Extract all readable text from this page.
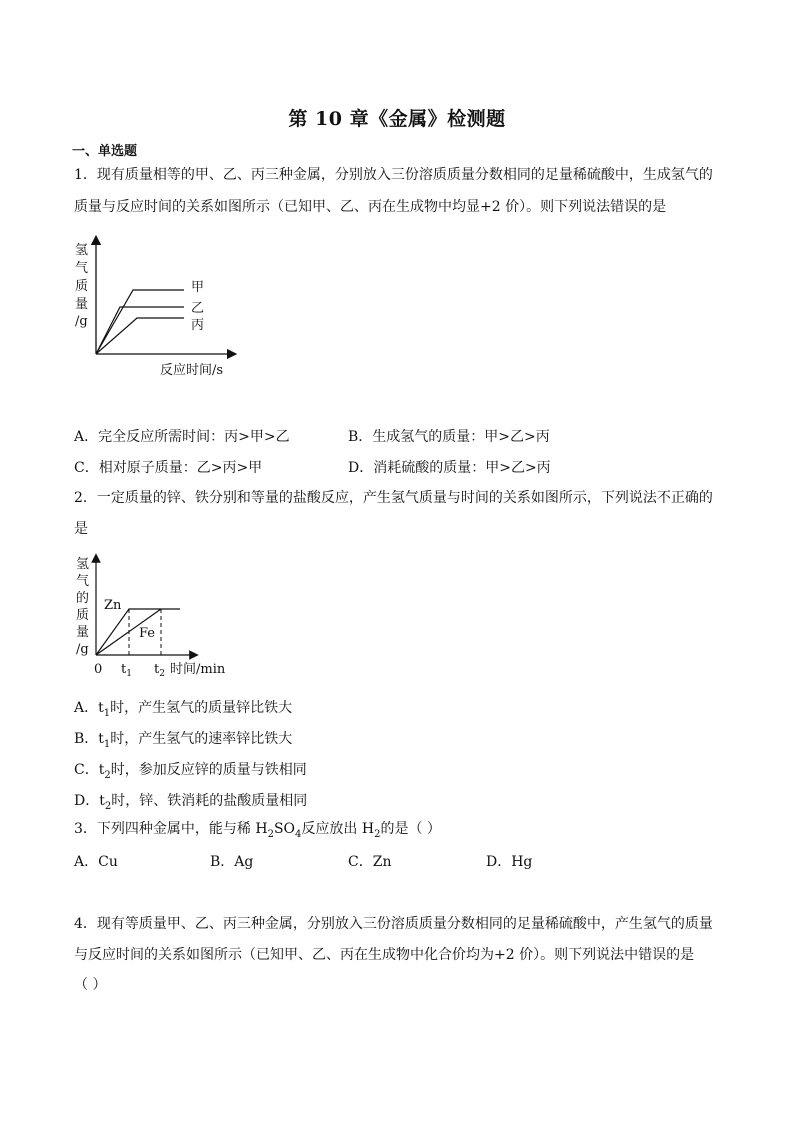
第 10 章《金属》检测题
一、单选题
1．现有质量相等的甲、乙、丙三种金属，分别放入三份溶质质量分数相同的足量稀硫酸中，生成氢气的
质量与反应时间的关系如图所示（已知甲、乙、丙在生成物中均显+2 价）。则下列说法错误的是
氢
气
质
量
/g
甲
乙
丙
反应时间/s
A．完全反应所需时间：丙>甲>乙	B．生成氢气的质量：甲>乙>丙
C．相对原子质量：乙>丙>甲	D．消耗硫酸的质量：甲>乙>丙
2．一定质量的锌、铁分别和等量的盐酸反应，产生氢气质量与时间的关系如图所示，下列说法不正确的
是
氢
气
的
质
量
/g
Zn
Fe
0 $t_1$ $t_2$ 时间/min
A．$t_1$时，产生氢气的质量锌比铁大
B．$t_1$时，产生氢气的速率锌比铁大
C．$t_2$时，参加反应锌的质量与铁相同
D．$t_2$时，锌、铁消耗的盐酸质量相同
3．下列四种金属中，能与稀 $H_2SO_4$反应放出 $H_2$的是（ ）
A．Cu	B．Ag	C．Zn	D．Hg
4．现有等质量甲、乙、丙三种金属，分别放入三份溶质质量分数相同的足量稀硫酸中，产生氢气的质量
与反应时间的关系如图所示（已知甲、乙、丙在生成物中化合价均为+2 价）。则下列说法中错误的是
（ ）
